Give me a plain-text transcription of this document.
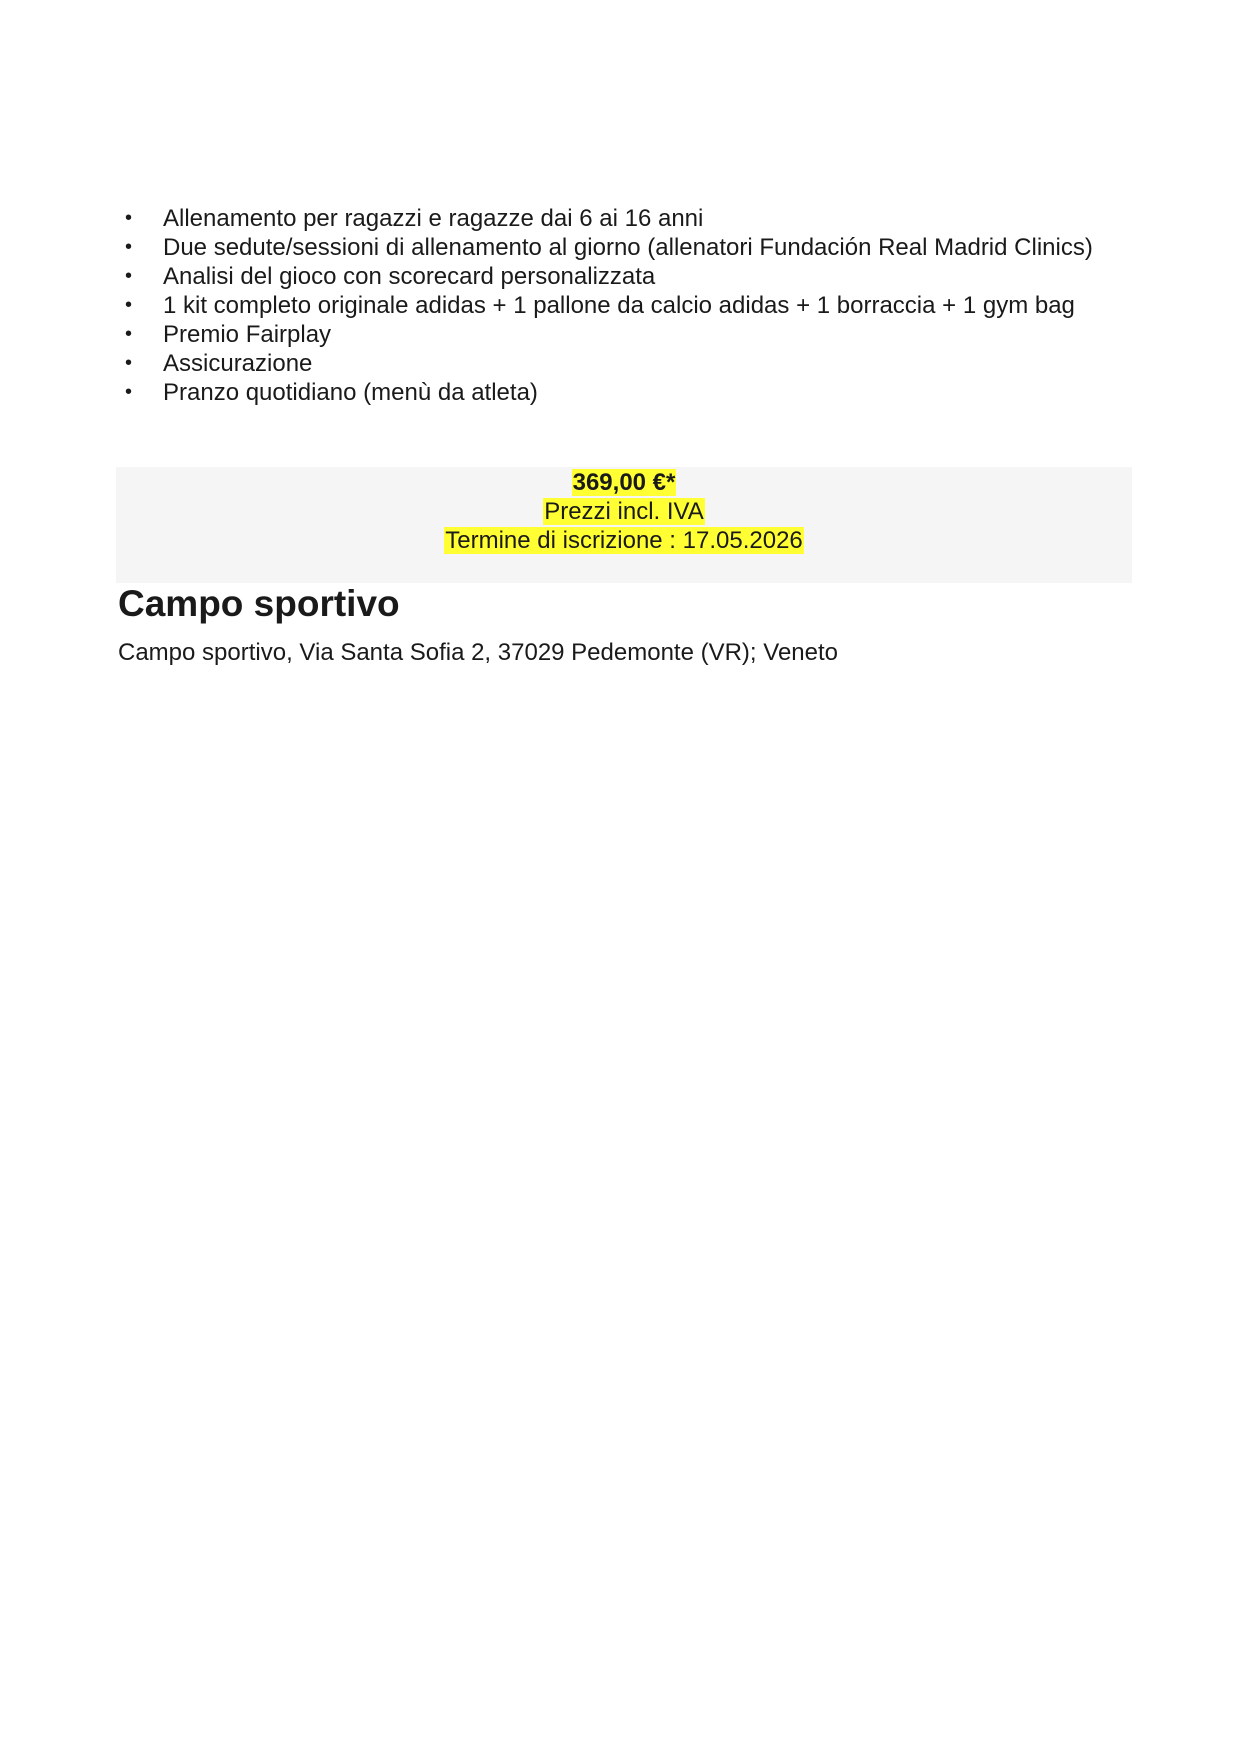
• Allenamento per ragazzi e ragazze dai 6 ai 16 anni
• Due sedute/sessioni di allenamento al giorno (allenatori Fundación Real Madrid Clinics)
• Analisi del gioco con scorecard personalizzata
• 1 kit completo originale adidas + 1 pallone da calcio adidas + 1 borraccia + 1 gym bag
• Premio Fairplay
• Assicurazione
• Pranzo quotidiano (menù da atleta)
369,00 €*
Prezzi incl. IVA
Termine di iscrizione : 17.05.2026
Campo sportivo

Campo sportivo, Via Santa Sofia 2, 37029 Pedemonte (VR); Veneto
